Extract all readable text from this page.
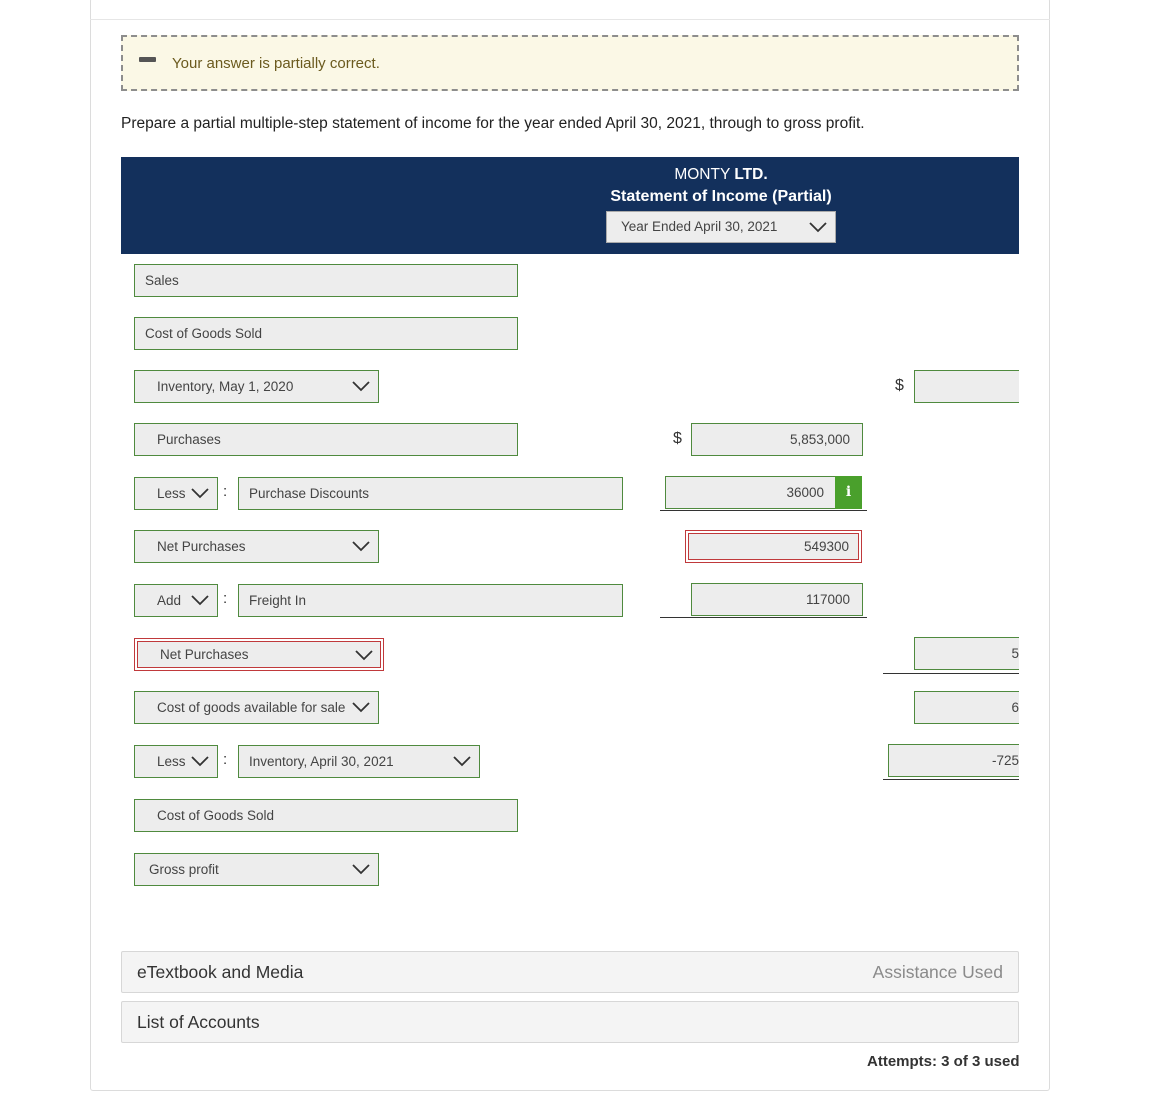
Your answer is partially correct.
Prepare a partial multiple-step statement of income for the year ended April 30, 2021, through to gross profit.
MONTY LTD.
Statement of Income (Partial)
Year Ended April 30, 2021
Sales
Cost of Goods Sold
Inventory, May 1, 2020	$
Purchases	$	5,853,000
Less	:	Purchase Discounts	36000	i
Net Purchases	549300
Add	:	Freight In	117000
Net Purchases	5
Cost of goods available for sale	6
Less	:	Inventory, April 30, 2021	-725
Cost of Goods Sold
Gross profit
eTextbook and Media	Assistance Used
List of Accounts
Attempts: 3 of 3 used
